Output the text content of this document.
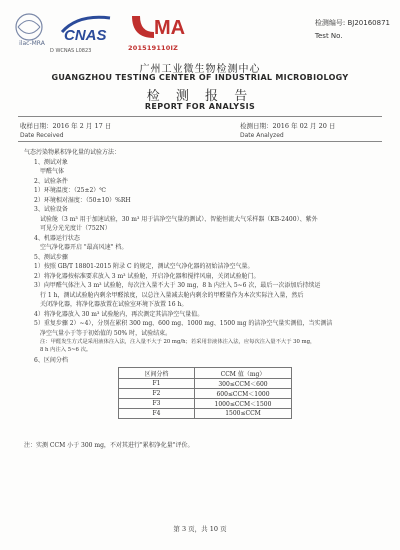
ilac-MRA	CNAS
D WCNAS L0823
MA
201519110IZ
检测编号: BJ20160871
Test No.
广州工业微生物检测中心
GUANGZHOU TESTING CENTER OF INDUSTRIAL MICROBIOLOGY
检 测 报 告
REPORT FOR ANALYSIS
收样日期：2016 年 2 月 17 日
Date Received
检测日期：2016 年 02 月 20 日
Date Analyzed
气态污染物累积净化量的试验方法：
1、测试对象
甲醛气体
2、试验条件
1）环境温度：（25±2）℃
2）环境相对湿度：（50±10）%RH
3、试验设备
试验舱（3 m³ 用于加速试验，30 m³ 用于洁净空气量的测试）、智能恒流大气采样器（KB-2400）、紫外
可见分光光度计（752N）
4、机器运行状态
空气净化器开启 "最高风速" 档。
5、测试步骤
1）按照 GB/T 18801-2015 附录 C 的规定，测试空气净化器的初始洁净空气量。
2）将净化器按标准要求放入 3 m³ 试验舱，开启净化器和搅拌风扇，关闭试验舱门。
3）向甲醛气体注入 3 m³ 试验舱，每次注入量不大于 30 mg，8 h 内注入 5~6 次，最后一次添加后持续运
行 1 h，测试试验舱内剩余甲醛浓度，以总注入量减去舱内剩余的甲醛量作为本次实际注入量，然后
关闭净化器，将净化器放置在试验室环境下放置 16 h。
4）将净化器放入 30 m³ 试验舱内，再次测定其洁净空气量值。
5）重复步骤 2）~4），分别在累积 300 mg、600 mg、1000 mg、1500 mg 的洁净空气量实测值，当实测洁
净空气量小于等于初始值的 50% 时，试验结束。
注：甲醛发生方式是采用液体注入法，注入量不大于 20 mg/h；若采用非液体注入法，应每次注入量不大于 30 mg，
8 h 内注入 5~6 次。
6、区间分档
区间分档	CCM 值（mg）
F1	300≤CCM＜600
F2	600≤CCM＜1000
F3	1000≤CCM＜1500
F4	1500≤CCM
注：实测 CCM 小于 300 mg，不对其进行"累积净化量"评价。
第 3 页，共 10 页
